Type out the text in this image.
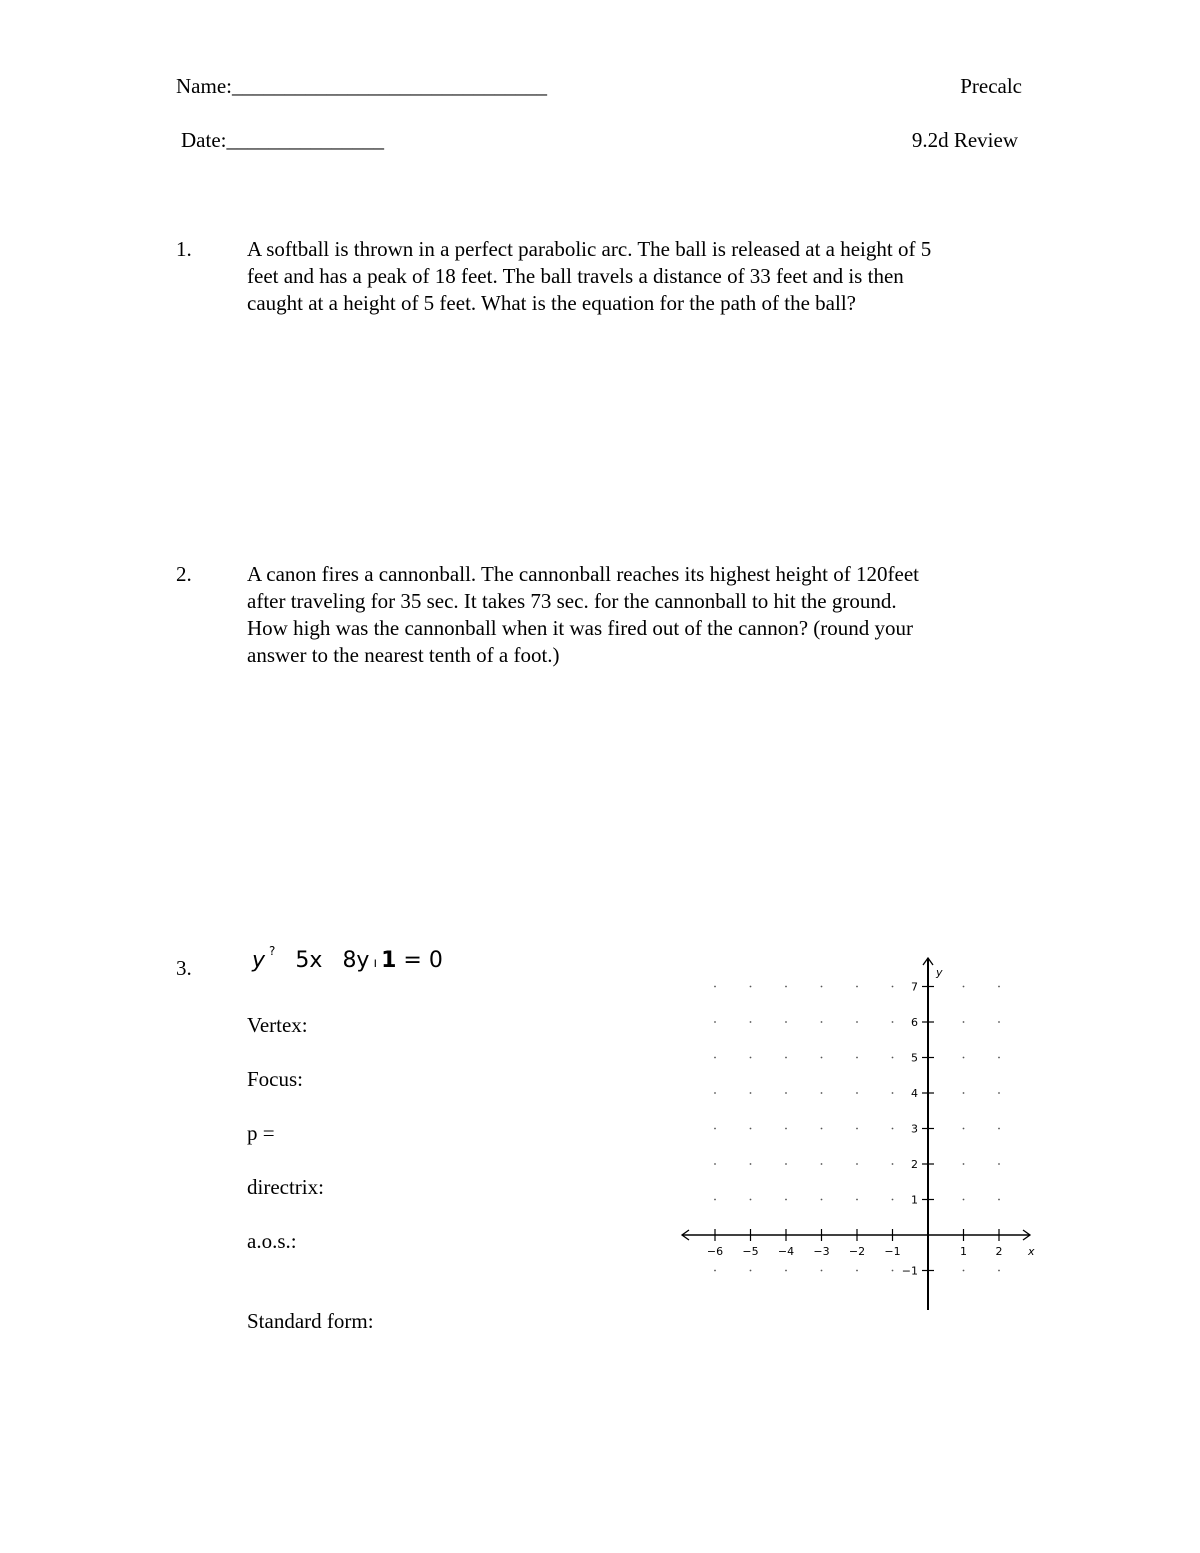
Name:______________________________	Precalc
Date:_______________	9.2d Review
1.	A softball is thrown in a perfect parabolic arc. The ball is released at a height of 5
feet and has a peak of 18 feet. The ball travels a distance of 33 feet and is then
caught at a height of 5 feet. What is the equation for the path of the ball?
2.	A canon fires a cannonball. The cannonball reaches its highest height of 120feet
after traveling for 35 sec. It takes 73 sec. for the cannonball to hit the ground.
How high was the cannonball when it was fired out of the cannon? (round your
answer to the nearest tenth of a foot.)
3.	y ? 5x 8y ı 1 = 0
Vertex:
Focus:
p =
directrix:
a.o.s.:
Standard form:
−6 −5 −4 −3 −2 −1	1	2
7
6
5
4
3
2
1
−1
x
y
